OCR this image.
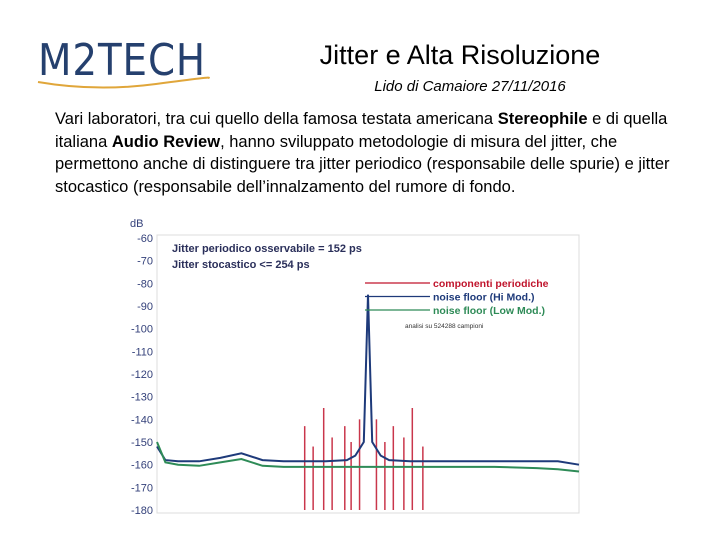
M2TECH	Jitter e Alta Risoluzione
Lido di Camaiore 27/11/2016
Vari laboratori, tra cui quello della famosa testata americana Stereophile e di quella italiana Audio Review, hanno sviluppato metodologie di misura del jitter, che permettono anche di distinguere tra jitter periodico (responsabile delle spurie) e jitter stocastico (responsabile dell’innalzamento del rumore di fondo.
dB
-60
-70
-80
-90
-100
-110
-120
-130
-140
-150
-160
-170
-180
Jitter periodico osservabile = 152 ps
Jitter stocastico <= 254 ps
componenti periodiche
noise floor (Hi Mod.)
noise floor (Low Mod.)
analisi su 524288 campioni
